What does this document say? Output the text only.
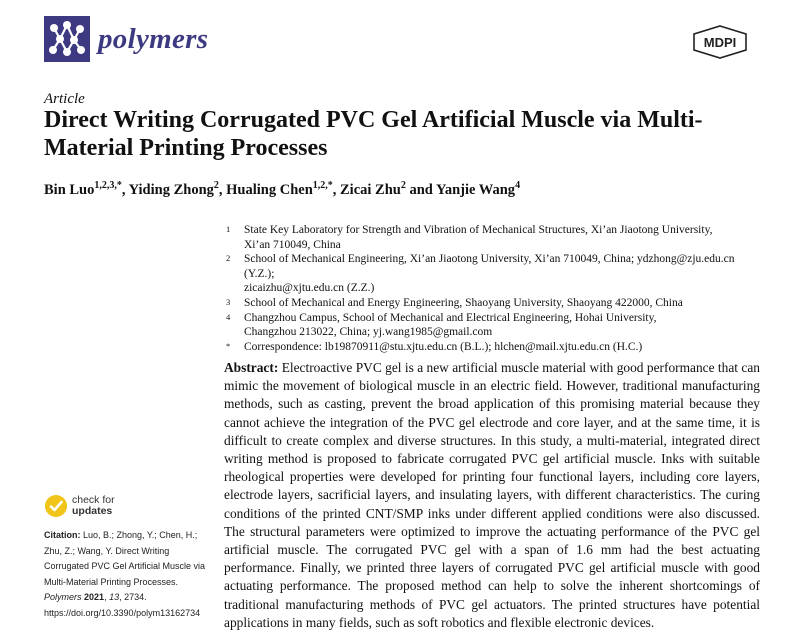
polymers	MDPI
Article
Direct Writing Corrugated PVC Gel Artificial Muscle via Multi-Material Printing Processes
Bin Luo$^{1,2,3,*}$, Yiding Zhong$^2$, Hualing Chen$^{1,2,*}$, Zicai Zhu$^2$ and Yanjie Wang$^4$
1 State Key Laboratory for Strength and Vibration of Mechanical Structures, Xi’an Jiaotong University,
Xi’an 710049, China
2 School of Mechanical Engineering, Xi’an Jiaotong University, Xi’an 710049, China; ydzhong@zju.edu.cn (Y.Z.);
zicaizhu@xjtu.edu.cn (Z.Z.)
3 School of Mechanical and Energy Engineering, Shaoyang University, Shaoyang 422000, China
4 Changzhou Campus, School of Mechanical and Electrical Engineering, Hohai University,
Changzhou 213022, China; yj.wang1985@gmail.com
* Correspondence: lb19870911@stu.xjtu.edu.cn (B.L.); hlchen@mail.xjtu.edu.cn (H.C.)

Abstract: Electroactive PVC gel is a new artificial muscle material with good performance that can mimic the movement of biological muscle in an electric field. However, traditional manufacturing methods, such as casting, prevent the broad application of this promising material because they cannot achieve the integration of the PVC gel electrode and core layer, and at the same time, it is difficult to create complex and diverse structures. In this study, a multi-material, integrated direct writing method is proposed to fabricate corrugated PVC gel artificial muscle. Inks with suitable rheological properties were developed for printing four functional layers, including core layers, electrode layers, sacrificial layers, and insulating layers, with different characteristics. The curing conditions of the printed CNT/SMP inks under different applied conditions were also discussed. The structural parameters were optimized to improve the actuating performance of the PVC gel artificial muscle. The corrugated PVC gel with a span of 1.6 mm had the best actuating performance. Finally, we printed three layers of corrugated PVC gel artificial muscle with good actuating performance. The proposed method can help to solve the inherent shortcomings of traditional manufacturing methods of PVC gel actuators. The printed structures have potential applications in many fields, such as soft robotics and flexible electronic devices.

check for
updates
Citation: Luo, B.; Zhong, Y.; Chen, H.; Zhu, Z.; Wang, Y. Direct Writing Corrugated PVC Gel Artificial Muscle via Multi-Material Printing Processes. Polymers 2021, 13, 2734. https://doi.org/10.3390/polym13162734
